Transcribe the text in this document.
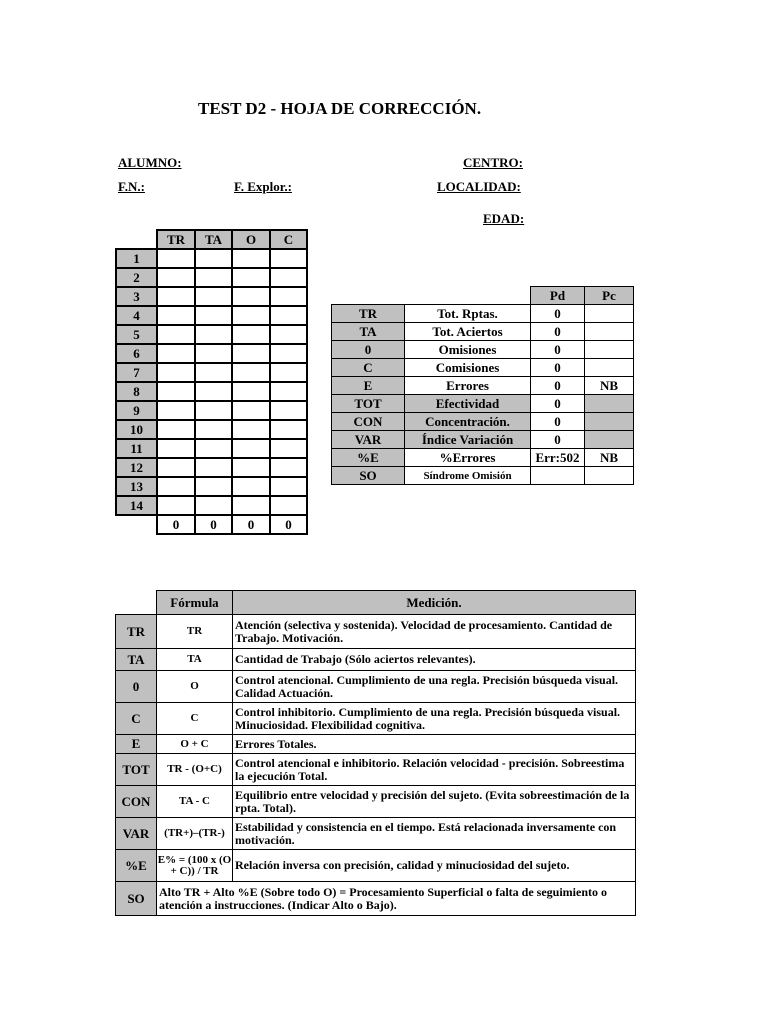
TEST D2 - HOJA DE CORRECCIÓN.
ALUMNO:	CENTRO:
F.N.:	F. Explor.:	LOCALIDAD:
EDAD:
	TR	TA	O	C
1				
2				
3				
4				
5				
6				
7				
8				
9				
10				
11				
12				
13				
14				
	0	0	0	0
		Pd	Pc
TR	Tot. Rptas.	0	
TA	Tot. Aciertos	0	
0	Omisiones	0	
C	Comisiones	0	
E	Errores	0	NB
TOT	Efectividad	0	
CON	Concentración.	0	
VAR	Índice Variación	0	
%E	%Errores	Err:502	NB
SO	Síndrome Omisión		
	Fórmula	Medición.
TR	TR	Atención (selectiva y sostenida). Velocidad de procesamiento. Cantidad de Trabajo. Motivación.
TA	TA	Cantidad de Trabajo (Sólo aciertos relevantes).
0	O	Control atencional. Cumplimiento de una regla. Precisión búsqueda visual. Calidad Actuación.
C	C	Control inhibitorio. Cumplimiento de una regla. Precisión búsqueda visual. Minuciosidad. Flexibilidad cognitiva.
E	O + C	Errores Totales.
TOT	TR - (O+C)	Control atencional e inhibitorio. Relación velocidad - precisión. Sobreestima la ejecución Total.
CON	TA - C	Equilibrio entre velocidad y precisión del sujeto. (Evita sobreestimación de la rpta. Total).
VAR	(TR+)–(TR-)	Estabilidad y consistencia en el tiempo. Está relacionada inversamente con motivación.
%E	E% = (100 x (O + C)) / TR	Relación inversa con precisión, calidad y minuciosidad del sujeto.
SO	Alto TR + Alto %E (Sobre todo O) = Procesamiento Superficial o falta de seguimiento o atención a instrucciones. (Indicar Alto o Bajo).	
